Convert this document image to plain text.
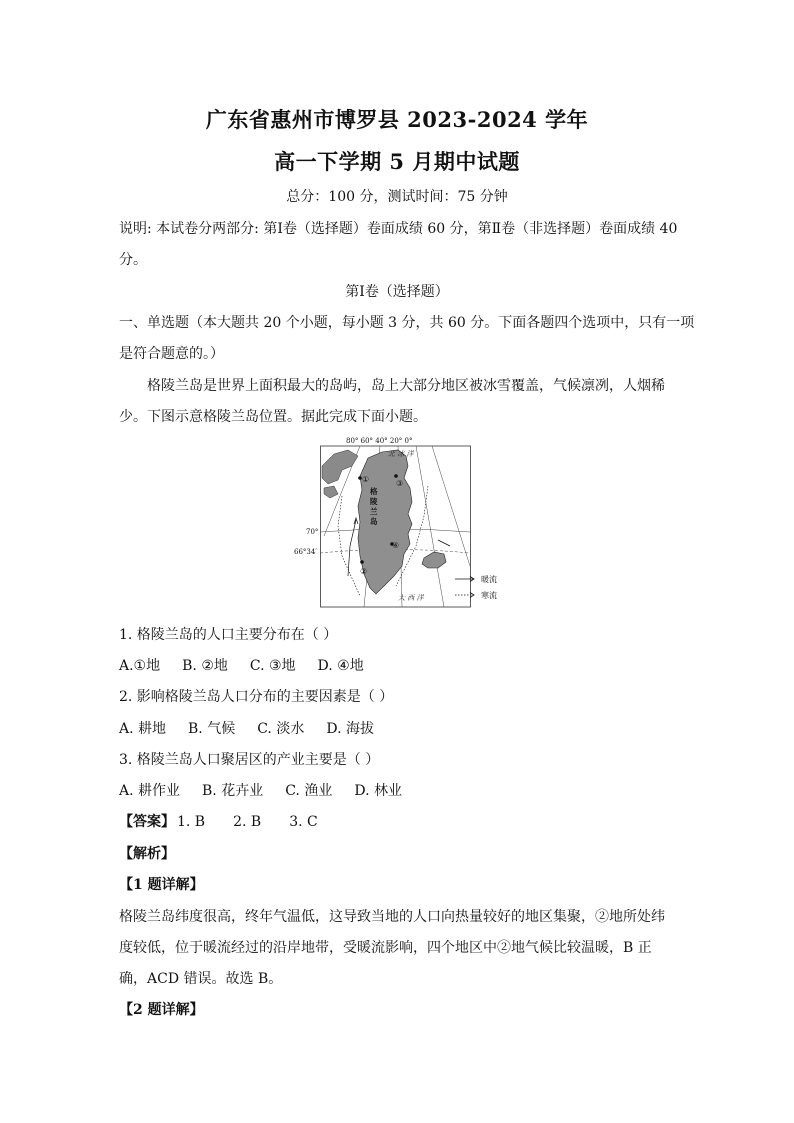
广东省惠州市博罗县 2023-2024 学年
高一下学期 5 月期中试题
总分：100 分，测试时间：75 分钟
说明: 本试卷分两部分: 第Ⅰ卷（选择题）卷面成绩 60 分，第Ⅱ卷（非选择题）卷面成绩 40
分。
第Ⅰ卷（选择题）
一、单选题（本大题共 20 个小题，每小题 3 分，共 60 分。下面各题四个选项中，只有一项
是符合题意的。）
格陵兰岛是世界上面积最大的岛屿，岛上大部分地区被冰雪覆盖，气候凛冽，人烟稀
少。下图示意格陵兰岛位置。据此完成下面小题。
80° 60° 40° 20° 0°
格
陵
兰
岛
北 冰 洋
大 西 洋
70°
①
②
③
④
66°34′
暖流
寒流
1. 格陵兰岛的人口主要分布在（ ）
A.①地 B. ②地 C. ③地 D. ④地
2. 影响格陵兰岛人口分布的主要因素是（ ）
A. 耕地 B. 气候 C. 淡水 D. 海拔
3. 格陵兰岛人口聚居区的产业主要是（ ）
A. 耕作业 B. 花卉业 C. 渔业 D. 林业
【答案】 1. B 2. B 3. C
【解析】
【1 题详解】
格陵兰岛纬度很高，终年气温低，这导致当地的人口向热量较好的地区集聚，②地所处纬
度较低，位于暖流经过的沿岸地带，受暖流影响，四个地区中②地气候比较温暖，B 正
确，ACD 错误。故选 B。
【2 题详解】
